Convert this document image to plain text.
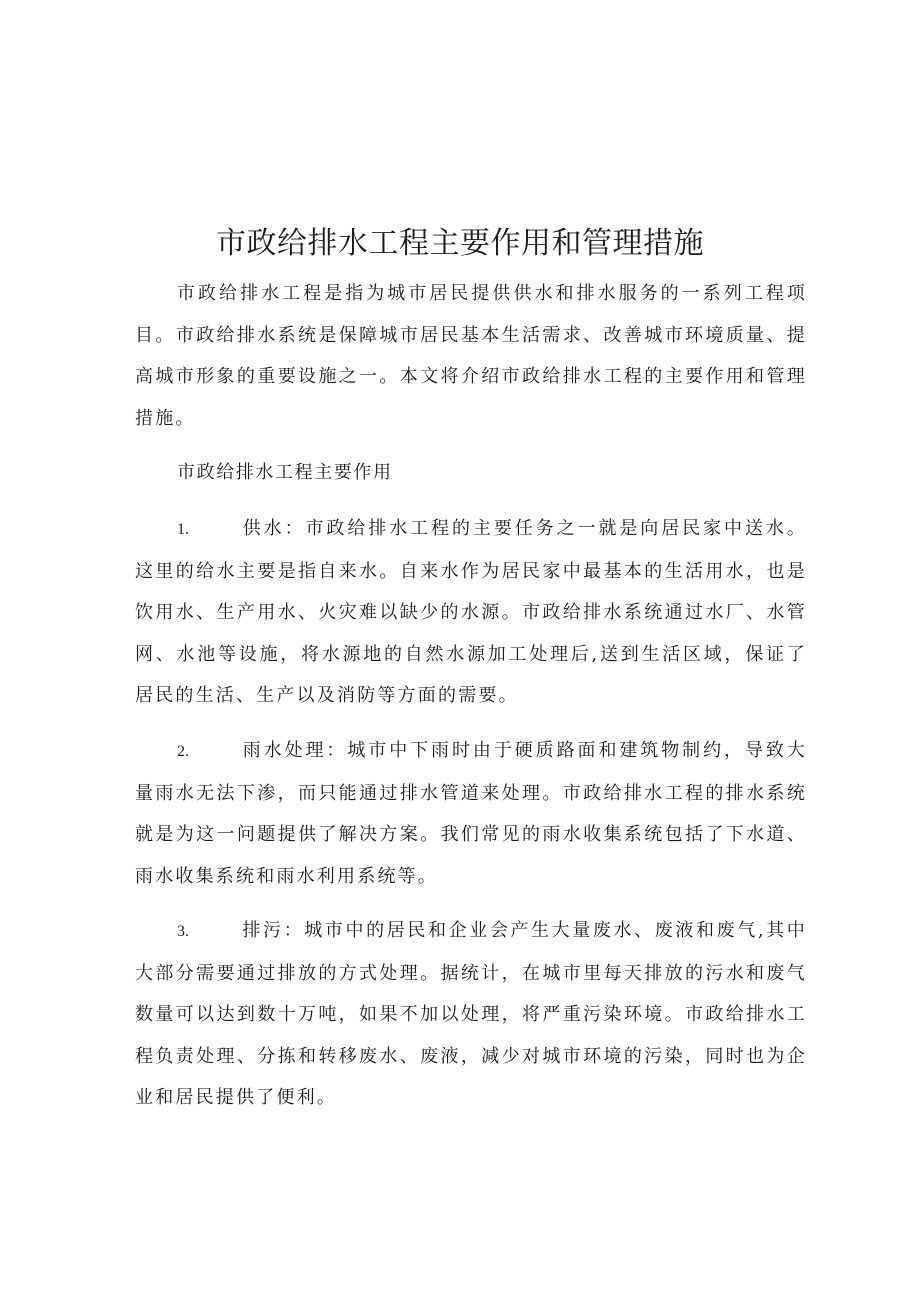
市政给排水工程主要作用和管理措施

市政给排水工程是指为城市居民提供供水和排水服务的一系列工程项目。市政给排水系统是保障城市居民基本生活需求、改善城市环境质量、提高城市形象的重要设施之一。本文将介绍市政给排水工程的主要作用和管理措施。

市政给排水工程主要作用

1.	供水：市政给排水工程的主要任务之一就是向居民家中送水。这里的给水主要是指自来水。自来水作为居民家中最基本的生活用水，也是饮用水、生产用水、火灾难以缺少的水源。市政给排水系统通过水厂、水管网、水池等设施，将水源地的自然水源加工处理后,送到生活区域，保证了居民的生活、生产以及消防等方面的需要。

2.	雨水处理：城市中下雨时由于硬质路面和建筑物制约，导致大量雨水无法下渗，而只能通过排水管道来处理。市政给排水工程的排水系统就是为这一问题提供了解决方案。我们常见的雨水收集系统包括了下水道、雨水收集系统和雨水利用系统等。

3.	排污：城市中的居民和企业会产生大量废水、废液和废气,其中大部分需要通过排放的方式处理。据统计，在城市里每天排放的污水和废气数量可以达到数十万吨，如果不加以处理，将严重污染环境。市政给排水工程负责处理、分拣和转移废水、废液，减少对城市环境的污染，同时也为企业和居民提供了便利。
